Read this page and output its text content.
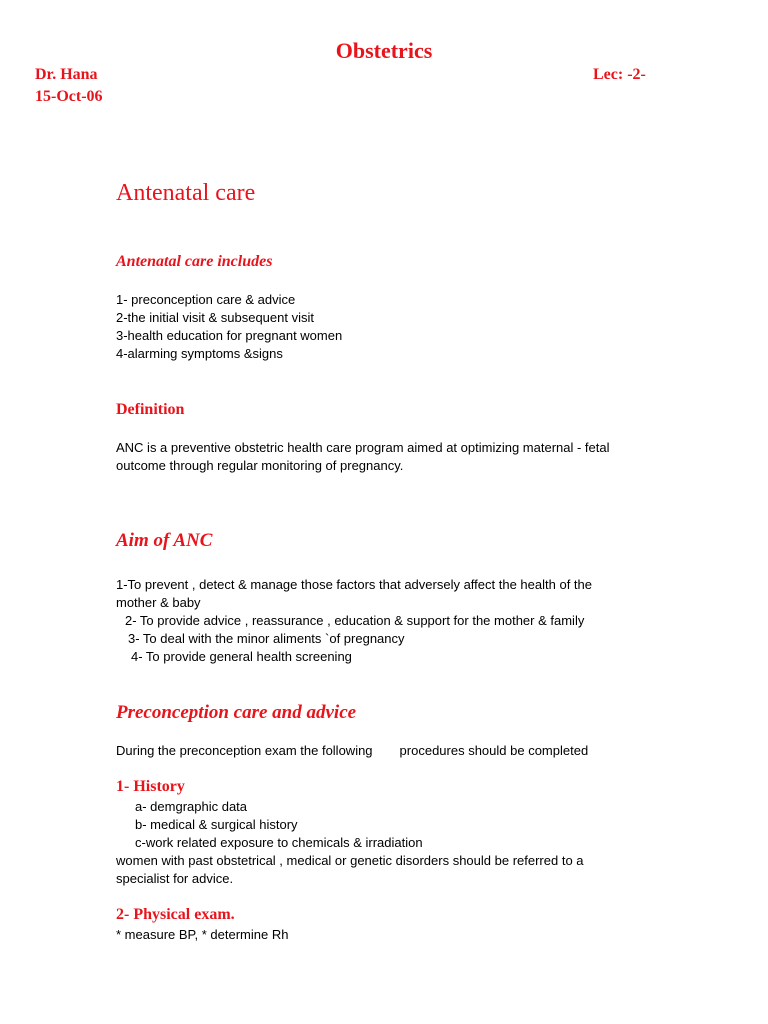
Obstetrics
Dr. Hana	Lec: -2-
15-Oct-06
Antenatal care
Antenatal care includes
1- preconception care & advice
2-the initial visit & subsequent visit
3-health education for pregnant women
4-alarming symptoms &signs
Definition
ANC is a preventive obstetric health care program aimed at optimizing maternal - fetal outcome through regular monitoring of pregnancy.
Aim of ANC
1-To prevent , detect & manage those factors that adversely affect the health of the mother & baby
2- To provide advice , reassurance , education & support for the mother & family
3- To deal with the minor aliments `of pregnancy
4- To provide general health screening
Preconception care and advice
During the preconception exam the following procedures should be completed
1- History
a- demgraphic data
b- medical & surgical history
c-work related exposure to chemicals & irradiation
women with past obstetrical , medical or genetic disorders should be referred to a specialist for advice.
2- Physical exam.
* measure BP, * determine Rh
